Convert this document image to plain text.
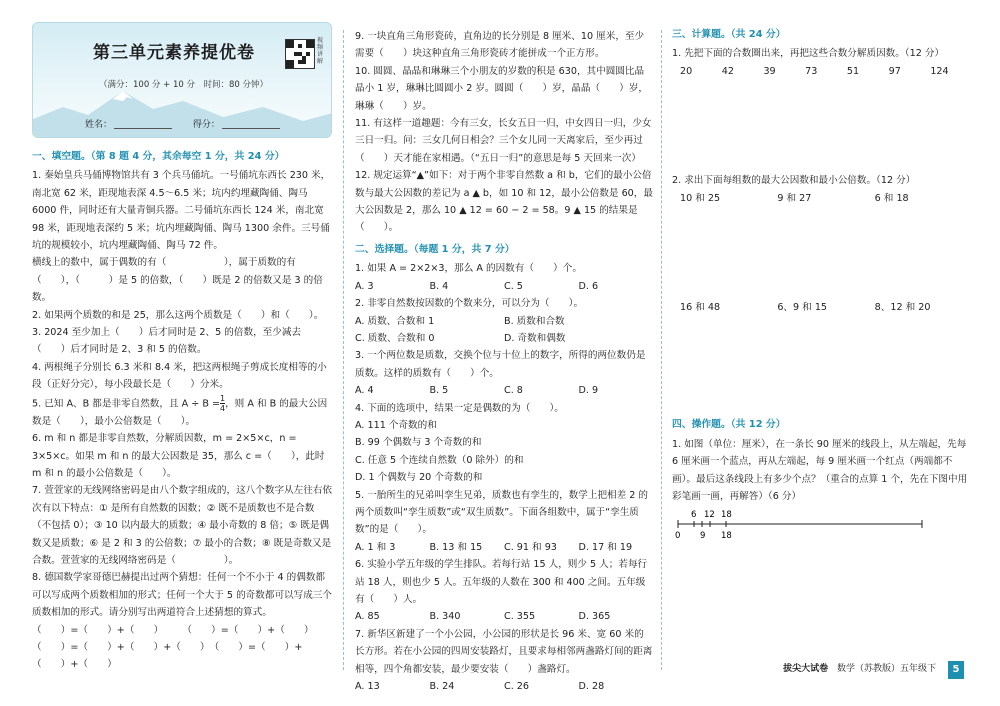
第三单元素养提优卷
（满分：100 分 + 10 分　时间：80 分钟）
视频讲解
姓名：	得分：
一、填空题。（第 8 题 4 分，其余每空 1 分，共 24 分）

1. 秦始皇兵马俑博物馆共有 3 个兵马俑坑。一号俑坑东西长 230 米，南北宽 62 米，距现地表深 4.5～6.5 米；坑内约埋藏陶俑、陶马 6000 件，同时还有大量青铜兵器。二号俑坑东西长 124 米，南北宽 98 米，距现地表深约 5 米；坑内埋藏陶俑、陶马 1300 余件。三号俑坑的规模较小，坑内埋藏陶俑、陶马 72 件。

横线上的数中，属于偶数的有（　　　　　　），属于质数的有（　　），（　　　）是 5 的倍数，（　　）既是 2 的倍数又是 3 的倍数。

2. 如果两个质数的和是 25，那么这两个质数是（　　）和（　　）。

3. 2024 至少加上（　　）后才同时是 2、5 的倍数，至少减去（　　）后才同时是 2、3 和 5 的倍数。

4. 两根绳子分别长 6.3 米和 8.4 米，把这两根绳子剪成长度相等的小段（正好分完），每小段最长是（　　）分米。

5. 已知 A、B 都是非零自然数，且 $A \div B = \frac{1}{4}$，则 A 和 B 的最大公因数是（　　），最小公倍数是（　　）。

6. m 和 n 都是非零自然数，分解质因数，m = 2×5×c，n = 3×5×c。如果 m 和 n 的最大公因数是 35，那么 c =（　　），此时 m 和 n 的最小公倍数是（　　）。

7. 萱萱家的无线网络密码是由八个数字组成的，这八个数字从左往右依次有以下特点：① 是所有自然数的因数；② 既不是质数也不是合数（不包括 0）；③ 10 以内最大的质数；④ 最小奇数的 8 倍；⑤ 既是偶数又是质数；⑥ 是 2 和 3 的公倍数；⑦ 最小的合数；⑧ 既是奇数又是合数。萱萱家的无线网络密码是（　　　　　）。

8. 德国数学家哥德巴赫提出过两个猜想：任何一个不小于 4 的偶数都可以写成两个质数相加的形式；任何一个大于 5 的奇数都可以写成三个质数相加的形式。请分别写出两道符合上述猜想的算式。

（　　）=（　　）+（　　）　　　（　　）=（　　）+（　　）

（　　）=（　　）+（　　）+（　　）　（　　）=（　　）+（　　）+（　　）

9. 一块直角三角形瓷砖，直角边的长分别是 8 厘米、10 厘米，至少需要（　　）块这种直角三角形瓷砖才能拼成一个正方形。

10. 圆圆、晶晶和琳琳三个小朋友的岁数的积是 630，其中圆圆比晶晶小 1 岁，琳琳比圆圆小 2 岁。圆圆（　　）岁，晶晶（　　）岁，琳琳（　　）岁。

11. 有这样一道趣题：今有三女，长女五日一归，中女四日一归，少女三日一归。问：三女几何日相会？三个女儿同一天离家后，至少再过（　　）天才能在家相遇。（“五日一归”的意思是每 5 天回来一次）

12. 规定运算“▲”如下：对于两个非零自然数 a 和 b，它们的最小公倍数与最大公因数的差记为 a ▲ b，如 10 和 12，最小公倍数是 60，最大公因数是 2，那么 10 ▲ 12 = 60 − 2 = 58。9 ▲ 15 的结果是（　　）。

二、选择题。（每题 1 分，共 7 分）

1. 如果 A = 2×2×3，那么 A 的因数有（　　）个。

A. 3	B. 4	C. 5	D. 6

2. 非零自然数按因数的个数来分，可以分为（　　）。

A. 质数、合数和 1	B. 质数和合数
C. 质数、合数和 0	D. 奇数和偶数

3. 一个两位数是质数，交换个位与十位上的数字，所得的两位数仍是质数。这样的质数有（　　）个。

A. 4	B. 5	C. 8	D. 9

4. 下面的选项中，结果一定是偶数的为（　　）。

A. 111 个奇数的和
B. 99 个偶数与 3 个奇数的和
C. 任意 5 个连续自然数（0 除外）的和
D. 1 个偶数与 20 个奇数的和

5. 一胎所生的兄弟叫孪生兄弟，质数也有孪生的，数学上把相差 2 的两个质数叫“孪生质数”或“双生质数”。下面各组数中，属于“孪生质数”的是（　　）。

A. 1 和 3	B. 13 和 15	C. 91 和 93	D. 17 和 19

6. 实验小学五年级的学生排队。若每行站 15 人，则少 5 人；若每行站 18 人，则也少 5 人。五年级的人数在 300 和 400 之间。五年级有（　　）人。

A. 85	B. 340	C. 355	D. 365

7. 新华区新建了一个小公园，小公园的形状是长 96 米、宽 60 米的长方形。若在小公园的四周安装路灯，且要求每相邻两盏路灯间的距离相等，四个角都安装，最少要安装（　　）盏路灯。

A. 13	B. 24	C. 26	D. 28
三、计算题。（共 24 分）

1. 先把下面的合数圈出来，再把这些合数分解质因数。（12 分）

20	42	39	73	51	97	124

2. 求出下面每组数的最大公因数和最小公倍数。（12 分）

10 和 25	9 和 27	6 和 18
16 和 48	6、9 和 15	8、12 和 20
四、操作题。（共 12 分）

1. 如图（单位：厘米），在一条长 90 厘米的线段上，从左端起，先每 6 厘米画一个蓝点，再从左端起，每 9 厘米画一个红点（两端都不画）。最后这条线段上有多少个点？（重合的点算 1 个，先在下图中用彩笔画一画，再解答）（6 分）

6 12 18
0 9 18
拔尖大试卷 数学（苏教版）五年级下	5
